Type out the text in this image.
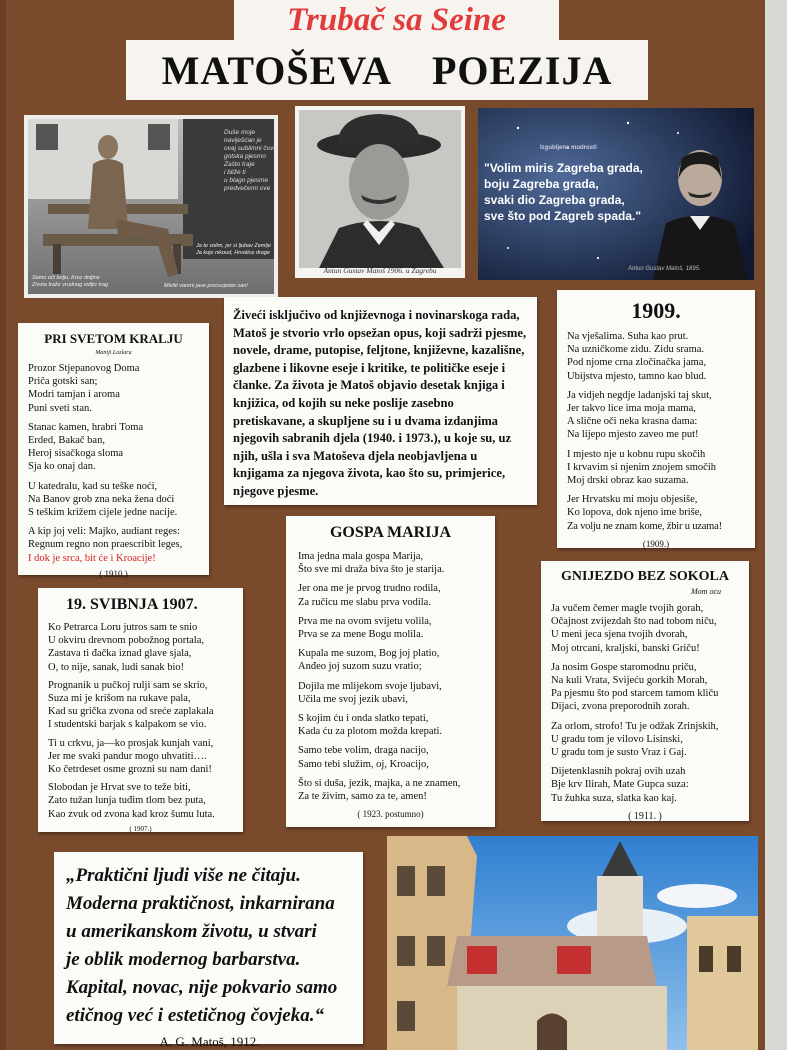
Trubač sa Seine
MATOŠEVA POEZIJA
Duše moje
naviješćan je
ovaj sublimni čuva
gotska pjesmo
Zašto traje
i bliže ti
u blago pjesme
predvečerni ove
Ja te volim, jer si ljubav Zemlje
Ja koje nikoud, Hrvatice drage
Samo oči bolju. Kroz doljine
Zivota traže vrudnog vidljiv trag	Misliti vareni jave procuvjetan san!
Antun Gustav Matoš 1906. u Zagrebu
Izgubljene mudrosti
"Volim miris Zagreba grada,
boju Zagreba grada,
svaki dio Zagreba grada,
sve što pod Zagreb spada."
Antun Gustav Matoš, 1895.
PRI SVETOM KRALJU
Maniji Lozlaru
Prozor Stjepanovog Doma
Priča gotski san;
Modri tamjan i aroma
Puni sveti stan.
Stanac kamen, hrabri Toma
Erded, Bakač ban,
Heroj sisačkoga sloma
Sja ko onaj dan.
U katedralu, kad su teške noći,
Na Banov grob zna neka žena doći
S teškim križem cijele jedne nacije.
A kip joj veli: Majko, audiant reges:
Regnum regno non praescribit leges,
I dok je srca, bit će i Kroacije!
( 1910.)
Živeći isključivo od književnoga i novinarskoga rada, Matoš je stvorio vrlo opsežan opus, koji sadrži pjesme, novele, drame, putopise, feljtone, književne, kazališne, glazbene i likovne eseje i kritike, te političke eseje i članke. Za života je Matoš objavio desetak knjiga i knjižica, od kojih su neke poslije zasebno pretiskavane, a skupljene su i u dvama izdanjima njegovih sabranih djela (1940. i 1973.), u koje su, uz njih, ušla i sva Matoševa djela neobjavljena u knjigama za njegova života, kao što su, primjerice, njegove pjesme.
1909.
Na vješalima. Suha kao prut.
Na uzničkome zidu. Zidu srama.
Pod njome crna zločinačka jama,
Ubijstva mjesto, tamno kao blud.
Ja vidjeh negdje ladanjski taj skut,
Jer takvo lice ima moja mama,
A slične oči neka krasna dama:
Na lijepo mjesto zaveo me put!
I mjesto nje u kobnu rupu skočih
I krvavim si njenim znojem smočih
Moj drski obraz kao suzama.
Jer Hrvatsku mi moju objesiše,
Ko lopova, dok njeno ime briše,
Za volju ne znam kome, žbir u uzama!
(1909.)
GOSPA MARIJA
Ima jedna mala gospa Marija,
Što sve mi draža biva što je starija.
Jer ona me je prvog trudno rodila,
Za ručicu me slabu prva vodila.
Prva me na ovom svijetu volila,
Prva se za mene Bogu molila.
Kupala me suzom, Bog joj platio,
Anđeo joj suzom suzu vratio;
Dojila me mlijekom svoje ljubavi,
Učila me svoj jezik ubavi,
S kojim ću i onda slatko tepati,
Kada ću za plotom možda krepati.
Samo tebe volim, draga nacijo,
Samo tebi služim, oj, Kroacijo,
Što si duša, jezik, majka, a ne znamen,
Za te živim, samo za te, amen!
( 1923. postumno)
19. SVIBNJA 1907.
Ko Petrarca Loru jutros sam te snio
U okviru drevnom pobožnog portala,
Zastava ti đačka iznad glave sjala,
O, to nije, sanak, ludi sanak bio!
Prognanik u pučkoj rulji sam se skrio,
Suza mi je krišom na rukave pala,
Kad su grička zvona od sreće zaplakala
I studentski barjak s kalpakom se vio.
Ti u crkvu, ja—ko prosjak kunjah vani,
Jer me svaki pandur mogo uhvatiti….
Ko četrdeset osme grozni su nam dani!
Slobodan je Hrvat sve to teže biti,
Zato tužan lunja tuđim tlom bez puta,
Kao zvuk od zvona kad kroz šumu luta.
( 1907.)
GNIJEZDO BEZ SOKOLA
Mom ocu
Ja vučem čemer magle tvojih gorah,
Očajnost zvijezdah što nad tobom niču,
U meni jeca sjena tvojih dvorah,
Moj otrcani, kraljski, banski Griču!
Ja nosim Gospe staromodnu priču,
Na kuli Vrata, Svijeću gorkih Morah,
Pa pjesmu što pod starcem tamom kliču
Dijaci, zvona preporodnih zorah.
Za orlom, strofo! Tu je odžak Zrinjskih,
U gradu tom je vilovo Lisinski,
U gradu tom je susto Vraz i Gaj.
Dijetenklasnih pokraj ovih uzah
Bje krv Ilirah, Mate Gupca suza:
Tu žuhka suza, slatka kao kaj.
( 1911. )
„Praktični ljudi više ne čitaju.
Moderna praktičnost, inkarnirana
u amerikanskom životu, u stvari
je oblik modernog barbarstva.
Kapital, novac, nije pokvario samo
etičnog već i estetičnog čovjeka.“
A. G. Matoš, 1912.
